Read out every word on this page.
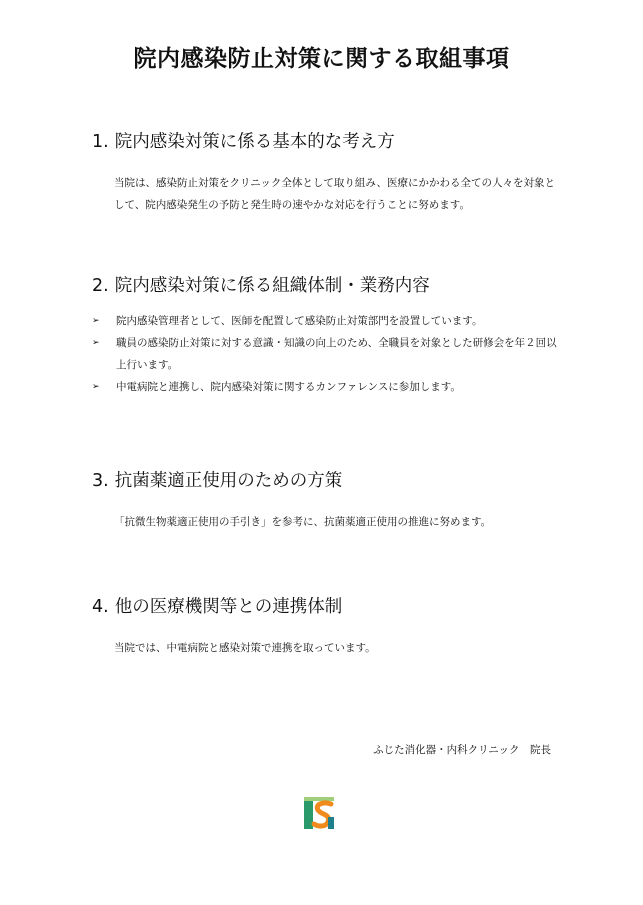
院内感染防止対策に関する取組事項
1. 院内感染対策に係る基本的な考え方

当院は、感染防止対策をクリニック全体として取り組み、医療にかかわる全ての人々を対象として、院内感染発生の予防と発生時の速やかな対応を行うことに努めます。

2. 院内感染対策に係る組織体制・業務内容
➢	院内感染管理者として、医師を配置して感染防止対策部門を設置しています。
➢	職員の感染防止対策に対する意識・知識の向上のため、全職員を対象とした研修会を年２回以上行います。
➢	中電病院と連携し、院内感染対策に関するカンファレンスに参加します。
3. 抗菌薬適正使用のための方策

「抗微生物薬適正使用の手引き」を参考に、抗菌薬適正使用の推進に努めます。

4. 他の医療機関等との連携体制

当院では、中電病院と感染対策で連携を取っています。

ふじた消化器・内科クリニック　院長
